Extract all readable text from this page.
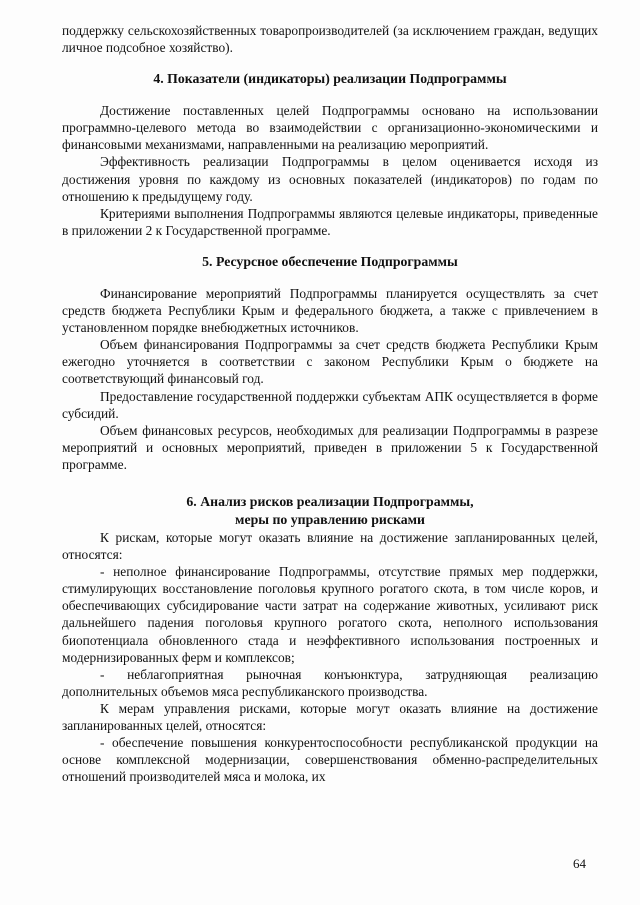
поддержку сельскохозяйственных товаропроизводителей (за исключением граждан, ведущих личное подсобное хозяйство).

4. Показатели (индикаторы) реализации Подпрограммы

Достижение поставленных целей Подпрограммы основано на использовании программно-целевого метода во взаимодействии с организационно-экономическими и финансовыми механизмами, направленными на реализацию мероприятий.

Эффективность реализации Подпрограммы в целом оценивается исходя из достижения уровня по каждому из основных показателей (индикаторов) по годам по отношению к предыдущему году.

Критериями выполнения Подпрограммы являются целевые индикаторы, приведенные в приложении 2 к Государственной программе.

5. Ресурсное обеспечение Подпрограммы

Финансирование мероприятий Подпрограммы планируется осуществлять за счет средств бюджета Республики Крым и федерального бюджета, а также с привлечением в установленном порядке внебюджетных источников.

Объем финансирования Подпрограммы за счет средств бюджета Республики Крым ежегодно уточняется в соответствии с законом Республики Крым о бюджете на соответствующий финансовый год.

Предоставление государственной поддержки субъектам АПК осуществляется в форме субсидий.

Объем финансовых ресурсов, необходимых для реализации Подпрограммы в разрезе мероприятий и основных мероприятий, приведен в приложении 5 к Государственной программе.

6. Анализ рисков реализации Подпрограммы,
меры по управлению рисками

К рискам, которые могут оказать влияние на достижение запланированных целей, относятся:

- неполное финансирование Подпрограммы, отсутствие прямых мер поддержки, стимулирующих восстановление поголовья крупного рогатого скота, в том числе коров, и обеспечивающих субсидирование части затрат на содержание животных, усиливают риск дальнейшего падения поголовья крупного рогатого скота, неполного использования биопотенциала обновленного стада и неэффективного использования построенных и модернизированных ферм и комплексов;

- неблагоприятная рыночная конъюнктура, затрудняющая реализацию дополнительных объемов мяса республиканского производства.

К мерам управления рисками, которые могут оказать влияние на достижение запланированных целей, относятся:

- обеспечение повышения конкурентоспособности республиканской продукции на основе комплексной модернизации, совершенствования обменно-распределительных отношений производителей мяса и молока, их

64
